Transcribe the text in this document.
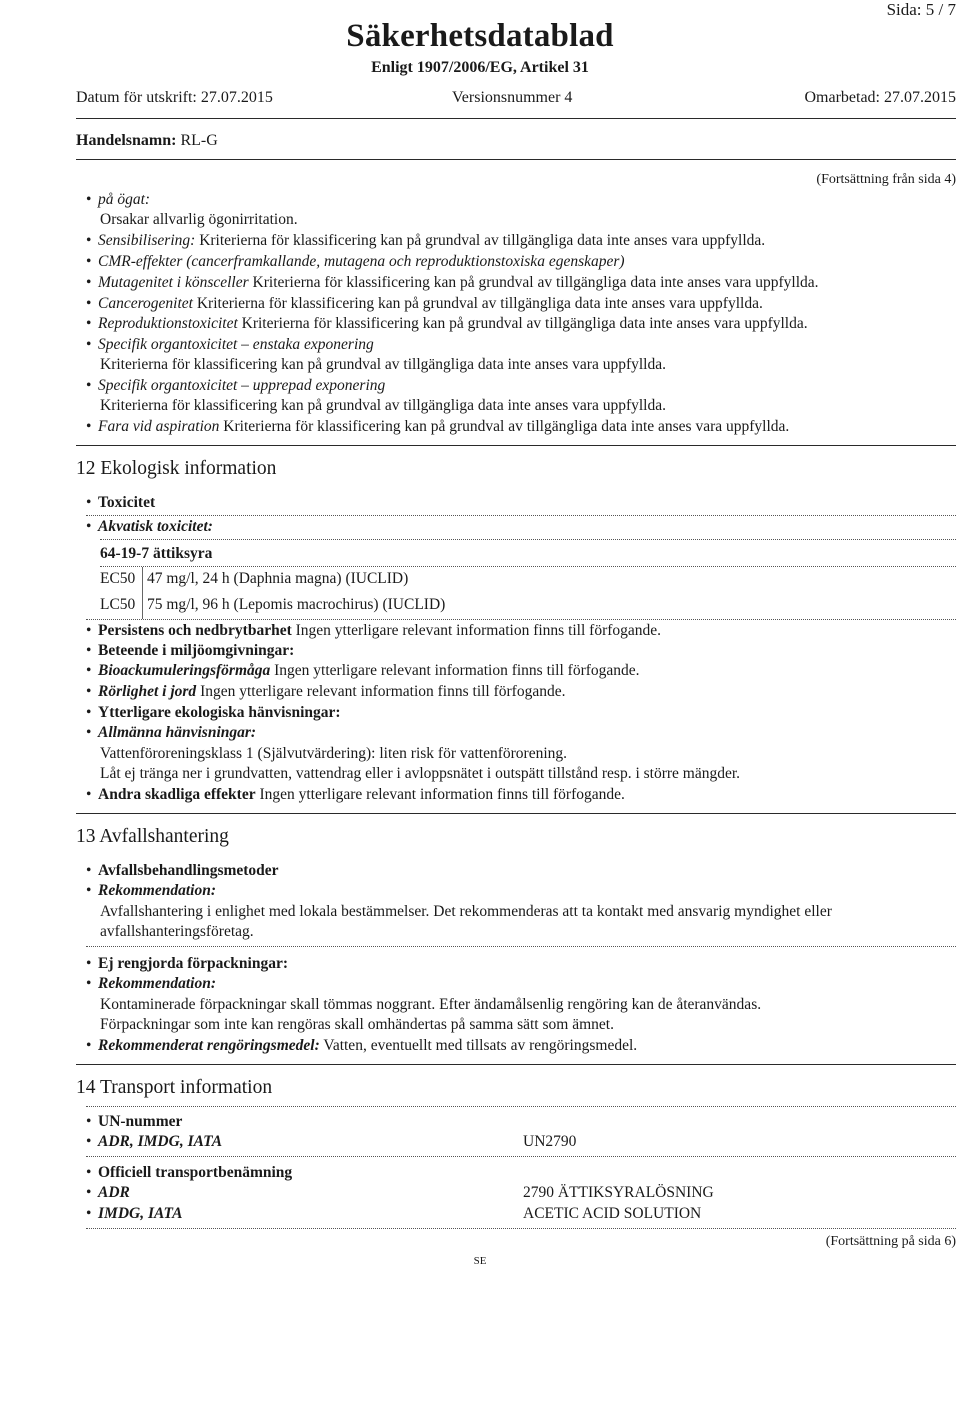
Sida: 5 / 7
Säkerhetsdatablad
Enligt 1907/2006/EG, Artikel 31
Datum för utskrift: 27.07.2015	Versionsnummer 4	Omarbetad: 27.07.2015
Handelsnamn: RL-G
(Fortsättning från sida 4)
• på ögat:
Orsakar allvarlig ögonirritation.
• Sensibilisering: Kriterierna för klassificering kan på grundval av tillgängliga data inte anses vara uppfyllda.
• CMR-effekter (cancerframkallande, mutagena och reproduktionstoxiska egenskaper)
• Mutagenitet i könsceller Kriterierna för klassificering kan på grundval av tillgängliga data inte anses vara uppfyllda.
• Cancerogenitet Kriterierna för klassificering kan på grundval av tillgängliga data inte anses vara uppfyllda.
• Reproduktionstoxicitet Kriterierna för klassificering kan på grundval av tillgängliga data inte anses vara uppfyllda.
• Specifik organtoxicitet – enstaka exponering
Kriterierna för klassificering kan på grundval av tillgängliga data inte anses vara uppfyllda.
• Specifik organtoxicitet – upprepad exponering
Kriterierna för klassificering kan på grundval av tillgängliga data inte anses vara uppfyllda.
• Fara vid aspiration Kriterierna för klassificering kan på grundval av tillgängliga data inte anses vara uppfyllda.
12 Ekologisk information
• Toxicitet
• Akvatisk toxicitet:
64-19-7 ättiksyra
EC50 47 mg/l, 24 h (Daphnia magna) (IUCLID)
LC50 75 mg/l, 96 h (Lepomis macrochirus) (IUCLID)
• Persistens och nedbrytbarhet Ingen ytterligare relevant information finns till förfogande.
• Beteende i miljöomgivningar:
• Bioackumuleringsförmåga Ingen ytterligare relevant information finns till förfogande.
• Rörlighet i jord Ingen ytterligare relevant information finns till förfogande.
• Ytterligare ekologiska hänvisningar:
• Allmänna hänvisningar:
Vattenföroreningsklass 1 (Självutvärdering): liten risk för vattenförorening.
Låt ej tränga ner i grundvatten, vattendrag eller i avloppsnätet i outspätt tillstånd resp. i större mängder.
• Andra skadliga effekter Ingen ytterligare relevant information finns till förfogande.
13 Avfallshantering
• Avfallsbehandlingsmetoder
• Rekommendation:
Avfallshantering i enlighet med lokala bestämmelser. Det rekommenderas att ta kontakt med ansvarig myndighet eller
avfallshanteringsföretag.
• Ej rengjorda förpackningar:
• Rekommendation:
Kontaminerade förpackningar skall tömmas noggrant. Efter ändamålsenlig rengöring kan de återanvändas.
Förpackningar som inte kan rengöras skall omhändertas på samma sätt som ämnet.
• Rekommenderat rengöringsmedel: Vatten, eventuellt med tillsats av rengöringsmedel.
14 Transport information
• UN-nummer
• ADR, IMDG, IATA	UN2790
• Officiell transportbenämning
• ADR	2790 ÄTTIKSYRALÖSNING
• IMDG, IATA	ACETIC ACID SOLUTION
(Fortsättning på sida 6)
SE
